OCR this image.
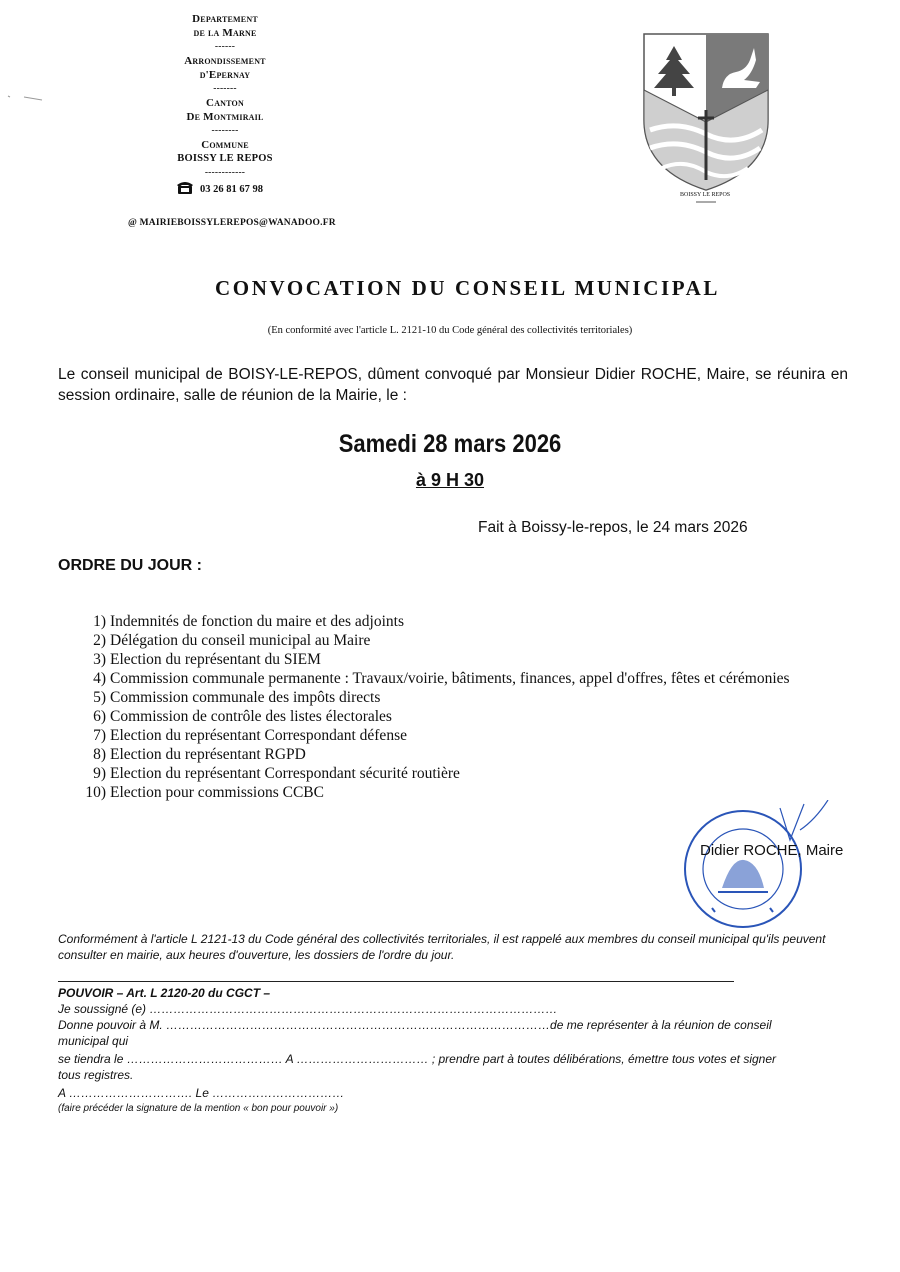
Departement
de la Marne
------
Arrondissement
d'Epernay
-------
Canton
De Montmirail
--------
Commune
BOISSY LE REPOS
------------
03 26 81 67 98
@ MAIRIEBOISSYLEREPOS@WANADOO.FR
BOISSY LE REPOS
CONVOCATION DU CONSEIL MUNICIPAL
(En conformité avec l'article L. 2121-10 du Code général des collectivités territoriales)
Le conseil municipal de BOISY-LE-REPOS, dûment convoqué par Monsieur Didier ROCHE, Maire, se réunira en session ordinaire, salle de réunion de la Mairie, le :
Samedi 28 mars 2026
à 9 H 30
Fait à Boissy-le-repos, le 24 mars 2026
ORDRE DU JOUR :
1) Indemnités de fonction du maire et des adjoints
2) Délégation du conseil municipal au Maire
3) Election du représentant du SIEM
4) Commission communale permanente : Travaux/voirie, bâtiments, finances, appel d'offres, fêtes et cérémonies
5) Commission communale des impôts directs
6) Commission de contrôle des listes électorales
7) Election du représentant Correspondant défense
8) Election du représentant RGPD
9) Election du représentant Correspondant sécurité routière
10) Election pour commissions CCBC
Didier ROCHE, Maire
Conformément à l'article L 2121-13 du Code général des collectivités territoriales, il est rappelé aux membres du conseil municipal qu'ils peuvent consulter en mairie, aux heures d'ouverture, les dossiers de l'ordre du jour.
POUVOIR – Art. L 2120-20 du CGCT –
Je soussigné (e) …………………………………………………………………………………………
Donne pouvoir à M. ……………………………………………………………………………………de me représenter à la réunion de conseil
municipal qui
se tiendra le ………………………………… A …………………………… ; prendre part à toutes délibérations, émettre tous votes et signer
tous registres.
A …………………………. Le ……………………………
(faire précéder la signature de la mention « bon pour pouvoir »)
